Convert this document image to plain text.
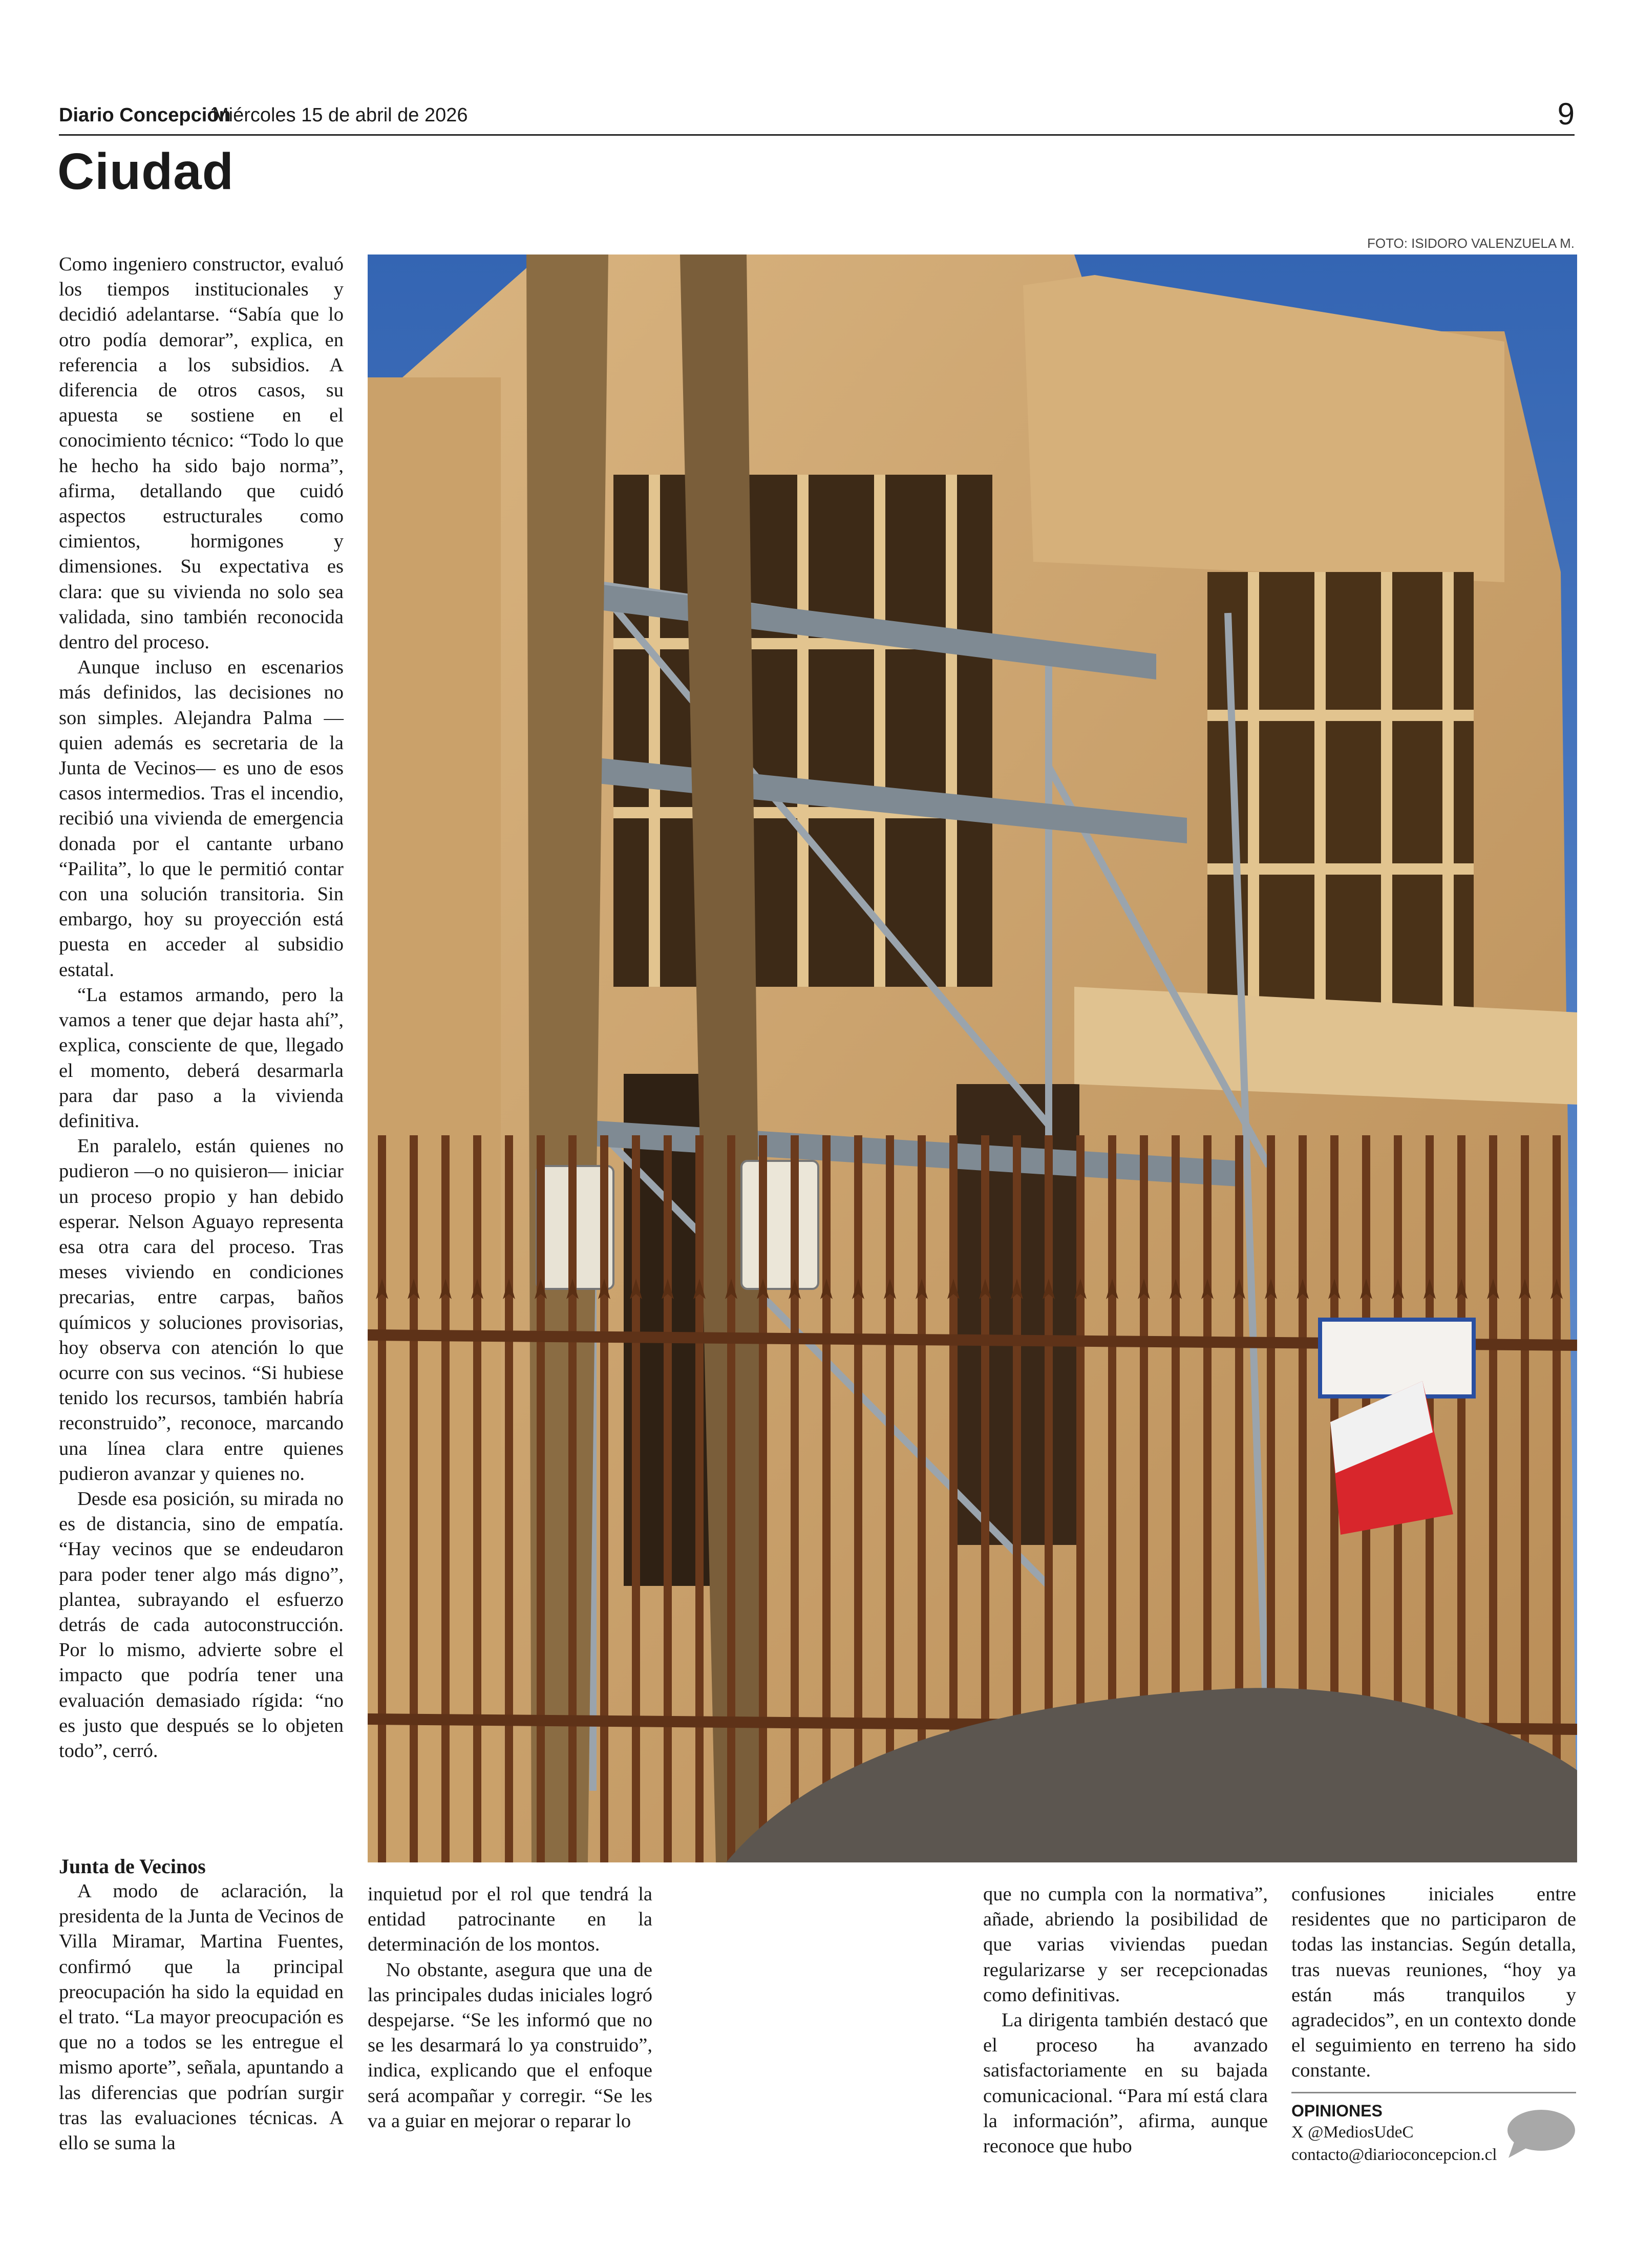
Diario Concepción
Miércoles 15 de abril de 2026	9
Ciudad
FOTO: ISIDORO VALENZUELA M.

Como ingeniero constructor, evaluó los tiempos institucionales y decidió adelantarse. “Sabía que lo otro podía demorar”, explica, en referencia a los subsidios. A diferencia de otros casos, su apuesta se sostiene en el conocimiento técnico: “Todo lo que he hecho ha sido bajo norma”, afirma, detallando que cuidó aspectos estructurales como cimientos, hormigones y dimensiones. Su expectativa es clara: que su vivienda no solo sea validada, sino también reconocida dentro del proceso.

Aunque incluso en escenarios más definidos, las decisiones no son simples. Alejandra Palma —quien además es secretaria de la Junta de Vecinos— es uno de esos casos intermedios. Tras el incendio, recibió una vivienda de emergencia donada por el cantante urbano “Pailita”, lo que le permitió contar con una solución transitoria. Sin embargo, hoy su proyección está puesta en acceder al subsidio estatal.

“La estamos armando, pero la vamos a tener que dejar hasta ahí”, explica, consciente de que, llegado el momento, deberá desarmarla para dar paso a la vivienda definitiva.

En paralelo, están quienes no pudieron —o no quisieron— iniciar un proceso propio y han debido esperar. Nelson Aguayo representa esa otra cara del proceso. Tras meses viviendo en condiciones precarias, entre carpas, baños químicos y soluciones provisorias, hoy observa con atención lo que ocurre con sus vecinos. “Si hubiese tenido los recursos, también habría reconstruido”, reconoce, marcando una línea clara entre quienes pudieron avanzar y quienes no.

Desde esa posición, su mirada no es de distancia, sino de empatía. “Hay vecinos que se endeudaron para poder tener algo más digno”, plantea, subrayando el esfuerzo detrás de cada autoconstrucción. Por lo mismo, advierte sobre el impacto que podría tener una evaluación demasiado rígida: “no es justo que después se lo objeten todo”, cerró.

Junta de Vecinos

A modo de aclaración, la presidenta de la Junta de Vecinos de Villa Miramar, Martina Fuentes, confirmó que la principal preocupación ha sido la equidad en el trato. “La mayor preocupación es que no a todos se les entregue el mismo aporte”, señala, apuntando a las diferencias que podrían surgir tras las evaluaciones técnicas. A ello se suma la

inquietud por el rol que tendrá la entidad patrocinante en la determinación de los montos.

No obstante, asegura que una de las principales dudas iniciales logró despejarse. “Se les informó que no se les desarmará lo ya construido”, indica, explicando que el enfoque será acompañar y corregir. “Se les va a guiar en mejorar o reparar lo

que no cumpla con la normativa”, añade, abriendo la posibilidad de que varias viviendas puedan regularizarse y ser recepcionadas como definitivas.

La dirigenta también destacó que el proceso ha avanzado satisfactoriamente en su bajada comunicacional. “Para mí está clara la información”, afirma, aunque reconoce que hubo

confusiones iniciales entre residentes que no participaron de todas las instancias. Según detalla, tras nuevas reuniones, “hoy ya están más tranquilos y agradecidos”, en un contexto donde el seguimiento en terreno ha sido constante.

OPINIONES
X @MediosUdeC
contacto@diarioconcepcion.cl
